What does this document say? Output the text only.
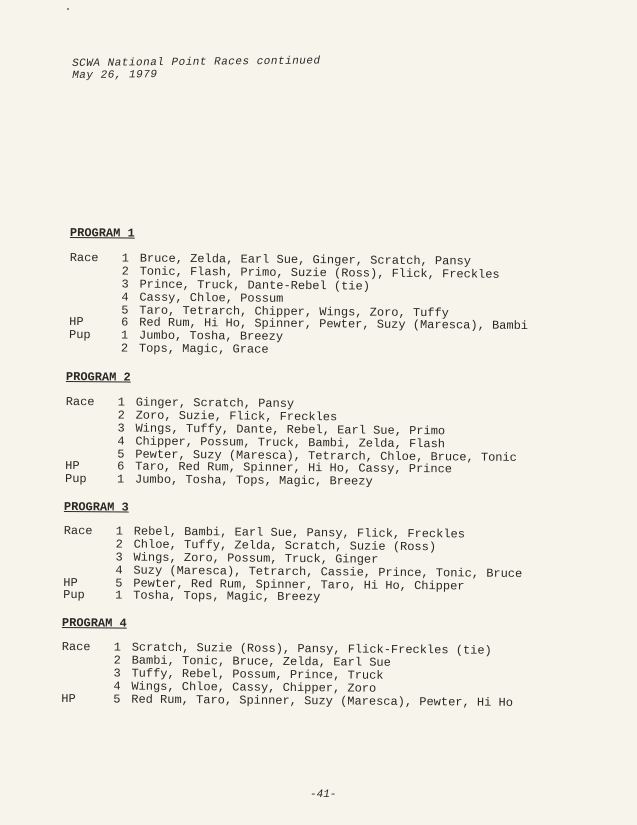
SCWA National Point Races continued
May 26, 1979
PROGRAM 1
Race 1 Bruce, Zelda, Earl Sue, Ginger, Scratch, Pansy
2 Tonic, Flash, Primo, Suzie (Ross), Flick, Freckles
3 Prince, Truck, Dante-Rebel (tie)
4 Cassy, Chloe, Possum
5 Taro, Tetrarch, Chipper, Wings, Zoro, Tuffy
HP	6 Red Rum, Hi Ho, Spinner, Pewter, Suzy (Maresca), Bambi
Pup	1 Jumbo, Tosha, Breezy
2 Tops, Magic, Grace
PROGRAM 2
Race 1 Ginger, Scratch, Pansy
2 Zoro, Suzie, Flick, Freckles
3 Wings, Tuffy, Dante, Rebel, Earl Sue, Primo
4 Chipper, Possum, Truck, Bambi, Zelda, Flash
5 Pewter, Suzy (Maresca), Tetrarch, Chloe, Bruce, Tonic
HP	6 Taro, Red Rum, Spinner, Hi Ho, Cassy, Prince
Pup	1 Jumbo, Tosha, Tops, Magic, Breezy
PROGRAM 3
Race 1 Rebel, Bambi, Earl Sue, Pansy, Flick, Freckles
2 Chloe, Tuffy, Zelda, Scratch, Suzie (Ross)
3 Wings, Zoro, Possum, Truck, Ginger
4 Suzy (Maresca), Tetrarch, Cassie, Prince, Tonic, Bruce
HP	5 Pewter, Red Rum, Spinner, Taro, Hi Ho, Chipper
Pup	1 Tosha, Tops, Magic, Breezy
PROGRAM 4
Race 1 Scratch, Suzie (Ross), Pansy, Flick-Freckles (tie)
2 Bambi, Tonic, Bruce, Zelda, Earl Sue
3 Tuffy, Rebel, Possum, Prince, Truck
4 Wings, Chloe, Cassy, Chipper, Zoro
HP	5 Red Rum, Taro, Spinner, Suzy (Maresca), Pewter, Hi Ho
-41-
